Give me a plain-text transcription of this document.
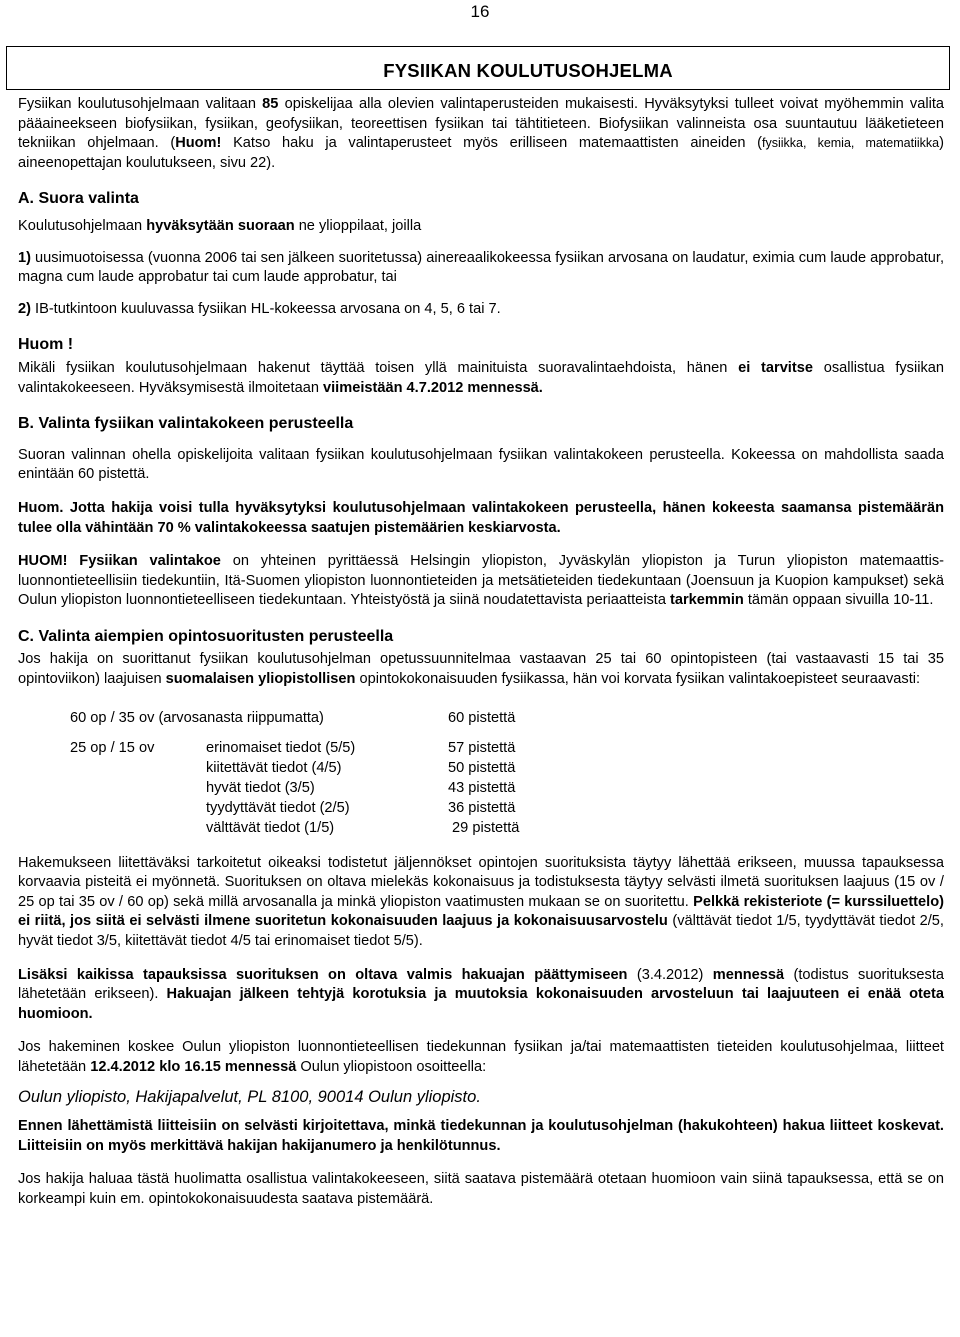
16
FYSIIKAN KOULUTUSOHJELMA

Fysiikan koulutusohjelmaan valitaan 85 opiskelijaa alla olevien valintaperusteiden mukaisesti. Hyväksytyksi tulleet voivat myöhemmin valita pääaineekseen biofysiikan, fysiikan, geofysiikan, teoreettisen fysiikan tai tähtitieteen. Biofysiikan valinneista osa suuntautuu lääketieteen tekniikan ohjelmaan. (Huom! Katso haku ja valintaperusteet myös erilliseen matemaattisten aineiden (fysiikka, kemia, matematiikka) aineenopettajan koulutukseen, sivu 22).

A. Suora valinta

Koulutusohjelmaan hyväksytään suoraan ne ylioppilaat, joilla

1) uusimuotoisessa (vuonna 2006 tai sen jälkeen suoritetussa) ainereaalikokeessa fysiikan arvosana on laudatur, eximia cum laude approbatur, magna cum laude approbatur tai cum laude approbatur, tai

2) IB-tutkintoon kuuluvassa fysiikan HL-kokeessa arvosana on 4, 5, 6 tai 7.

Huom !

Mikäli fysiikan koulutusohjelmaan hakenut täyttää toisen yllä mainituista suoravalintaehdoista, hänen ei tarvitse osallistua fysiikan valintakokeeseen. Hyväksymisestä ilmoitetaan viimeistään 4.7.2012 mennessä.

B. Valinta fysiikan valintakokeen perusteella

Suoran valinnan ohella opiskelijoita valitaan fysiikan koulutusohjelmaan fysiikan valintakokeen perusteella. Kokeessa on mahdollista saada enintään 60 pistettä.

Huom. Jotta hakija voisi tulla hyväksytyksi koulutusohjelmaan valintakokeen perusteella, hänen kokeesta saamansa pistemäärän tulee olla vähintään 70 % valintakokeessa saatujen pistemäärien keskiarvosta.

HUOM! Fysiikan valintakoe on yhteinen pyrittäessä Helsingin yliopiston, Jyväskylän yliopiston ja Turun yliopiston matemaattis-luonnontieteellisiin tiedekuntiin, Itä-Suomen yliopiston luonnontieteiden ja metsätieteiden tiedekuntaan (Joensuun ja Kuopion kampukset) sekä Oulun yliopiston luonnontieteelliseen tiedekuntaan. Yhteistyöstä ja siinä noudatettavista periaatteista tarkemmin tämän oppaan sivuilla 10-11.

C. Valinta aiempien opintosuoritusten perusteella

Jos hakija on suorittanut fysiikan koulutusohjelman opetussuunnitelmaa vastaavan 25 tai 60 opintopisteen (tai vastaavasti 15 tai 35 opintoviikon) laajuisen suomalaisen yliopistollisen opintokokonaisuuden fysiikassa, hän voi korvata fysiikan valintakoepisteet seuraavasti:

60 op / 35 ov (arvosanasta riippumatta)		60 pistettä

25 op / 15 ov	erinomaiset tiedot (5/5)	57 pistettä
	kiitettävät tiedot (4/5)	50 pistettä
	hyvät tiedot (3/5)	43 pistettä
	tyydyttävät tiedot (2/5)	36 pistettä
	välttävät tiedot (1/5)	29 pistettä

Hakemukseen liitettäväksi tarkoitetut oikeaksi todistetut jäljennökset opintojen suorituksista täytyy lähettää erikseen, muussa tapauksessa korvaavia pisteitä ei myönnetä. Suorituksen on oltava mielekäs kokonaisuus ja todistuksesta täytyy selvästi ilmetä suorituksen laajuus (15 ov / 25 op tai 35 ov / 60 op) sekä millä arvosanalla ja minkä yliopiston vaatimusten mukaan se on suoritettu. Pelkkä rekisteriote (= kurssiluettelo) ei riitä, jos siitä ei selvästi ilmene suoritetun kokonaisuuden laajuus ja kokonaisuusarvostelu (välttävät tiedot 1/5, tyydyttävät tiedot 2/5, hyvät tiedot 3/5, kiitettävät tiedot 4/5 tai erinomaiset tiedot 5/5).

Lisäksi kaikissa tapauksissa suorituksen on oltava valmis hakuajan päättymiseen (3.4.2012) mennessä (todistus suorituksesta lähetetään erikseen). Hakuajan jälkeen tehtyjä korotuksia ja muutoksia kokonaisuuden arvosteluun tai laajuuteen ei enää oteta huomioon.

Jos hakeminen koskee Oulun yliopiston luonnontieteellisen tiedekunnan fysiikan ja/tai matemaattisten tieteiden koulutusohjelmaa, liitteet lähetetään 12.4.2012 klo 16.15 mennessä Oulun yliopistoon osoitteella:

Oulun yliopisto, Hakijapalvelut, PL 8100, 90014 Oulun yliopisto.

Ennen lähettämistä liitteisiin on selvästi kirjoitettava, minkä tiedekunnan ja koulutusohjelman (hakukohteen) hakua liitteet koskevat. Liitteisiin on myös merkittävä hakijan hakijanumero ja henkilötunnus.

Jos hakija haluaa tästä huolimatta osallistua valintakokeeseen, siitä saatava pistemäärä otetaan huomioon vain siinä tapauksessa, että se on korkeampi kuin em. opintokokonaisuudesta saatava pistemäärä.
